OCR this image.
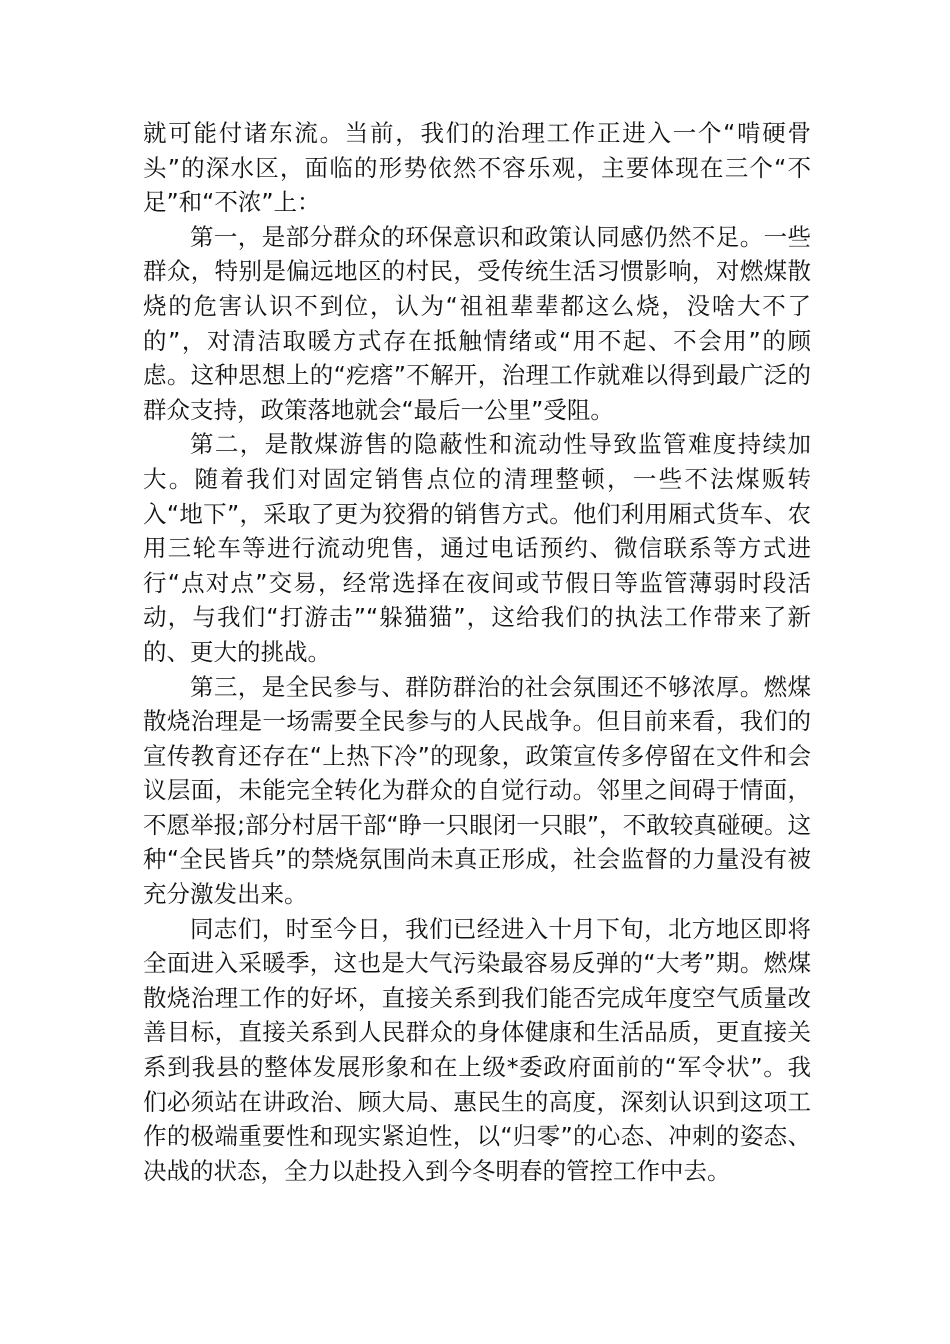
就可能付诸东流。当前，我们的治理工作正进入一个“啃硬骨头”的深水区，面临的形势依然不容乐观，主要体现在三个“不足”和“不浓”上：

第一，是部分群众的环保意识和政策认同感仍然不足。一些群众，特别是偏远地区的村民，受传统生活习惯影响，对燃煤散烧的危害认识不到位，认为“祖祖辈辈都这么烧，没啥大不了的”，对清洁取暖方式存在抵触情绪或“用不起、不会用”的顾虑。这种思想上的“疙瘩”不解开，治理工作就难以得到最广泛的群众支持，政策落地就会“最后一公里”受阻。

第二，是散煤游售的隐蔽性和流动性导致监管难度持续加大。随着我们对固定销售点位的清理整顿，一些不法煤贩转入“地下”，采取了更为狡猾的销售方式。他们利用厢式货车、农用三轮车等进行流动兜售，通过电话预约、微信联系等方式进行“点对点”交易，经常选择在夜间或节假日等监管薄弱时段活动，与我们“打游击”“躲猫猫”，这给我们的执法工作带来了新的、更大的挑战。

第三，是全民参与、群防群治的社会氛围还不够浓厚。燃煤散烧治理是一场需要全民参与的人民战争。但目前来看，我们的宣传教育还存在“上热下冷”的现象，政策宣传多停留在文件和会议层面，未能完全转化为群众的自觉行动。邻里之间碍于情面，不愿举报;部分村居干部“睁一只眼闭一只眼”，不敢较真碰硬。这种“全民皆兵”的禁烧氛围尚未真正形成，社会监督的力量没有被充分激发出来。

同志们，时至今日，我们已经进入十月下旬，北方地区即将全面进入采暖季，这也是大气污染最容易反弹的“大考”期。燃煤散烧治理工作的好坏，直接关系到我们能否完成年度空气质量改善目标，直接关系到人民群众的身体健康和生活品质，更直接关系到我县的整体发展形象和在上级*委政府面前的“军令状”。我们必须站在讲政治、顾大局、惠民生的高度，深刻认识到这项工作的极端重要性和现实紧迫性，以“归零”的心态、冲刺的姿态、决战的状态，全力以赴投入到今冬明春的管控工作中去。
